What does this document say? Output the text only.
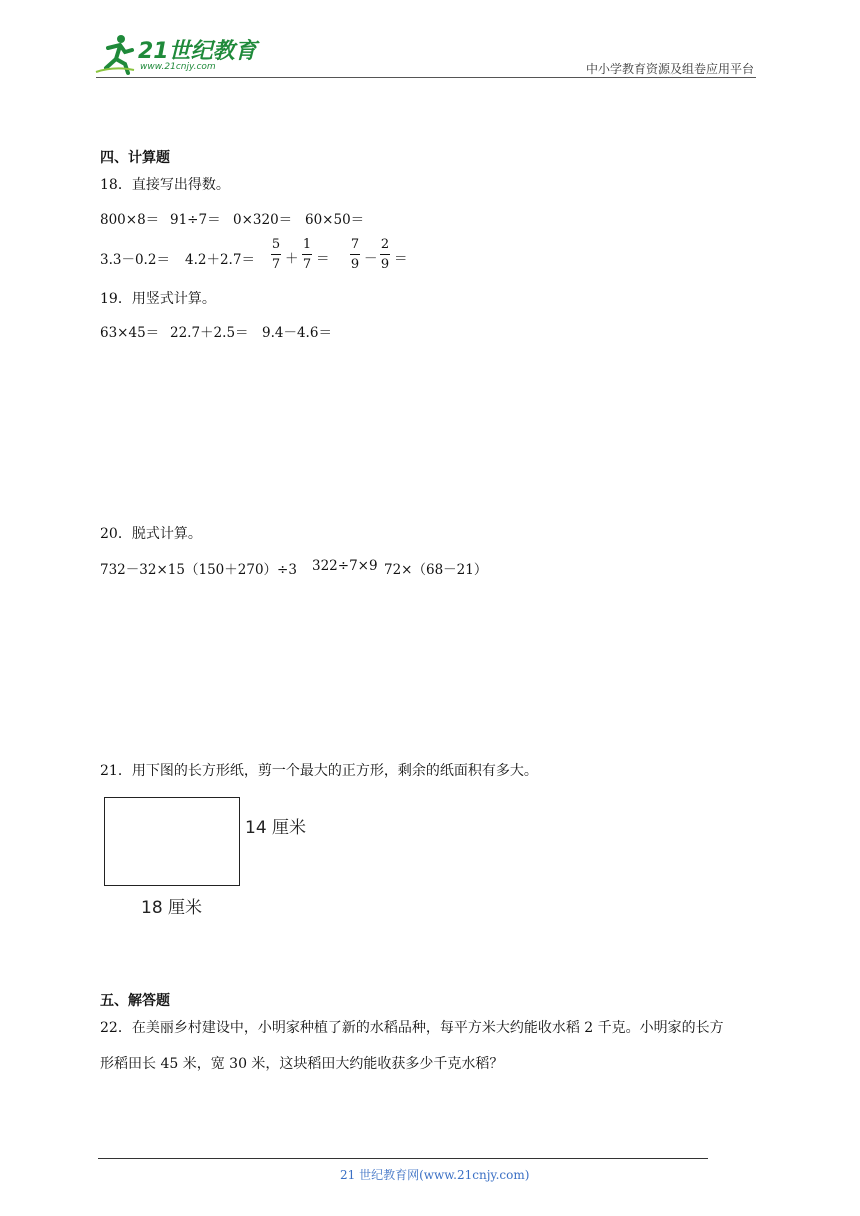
21世纪教育
www.21cnjy.com	中小学教育资源及组卷应用平台
四、计算题
18．直接写出得数。
800×8＝ 91÷7＝ 0×320＝ 60×50＝
3.3－0.2＝ 4.2＋2.7＝
5
7 ＋
1
7 ＝
7
9 －
2
9 ＝
19．用竖式计算。
63×45＝ 22.7＋2.5＝ 9.4－4.6＝
20．脱式计算。
732－32×15 （150＋270）÷3 322÷7×9 72×（68－21）
21．用下图的长方形纸，剪一个最大的正方形，剩余的纸面积有多大。
14 厘米
18 厘米
五、解答题
22．在美丽乡村建设中，小明家种植了新的水稻品种，每平方米大约能收水稻 2 千克。小明家的长方
形稻田长 45 米，宽 30 米，这块稻田大约能收获多少千克水稻？
21 世纪教育网(www.21cnjy.com)
